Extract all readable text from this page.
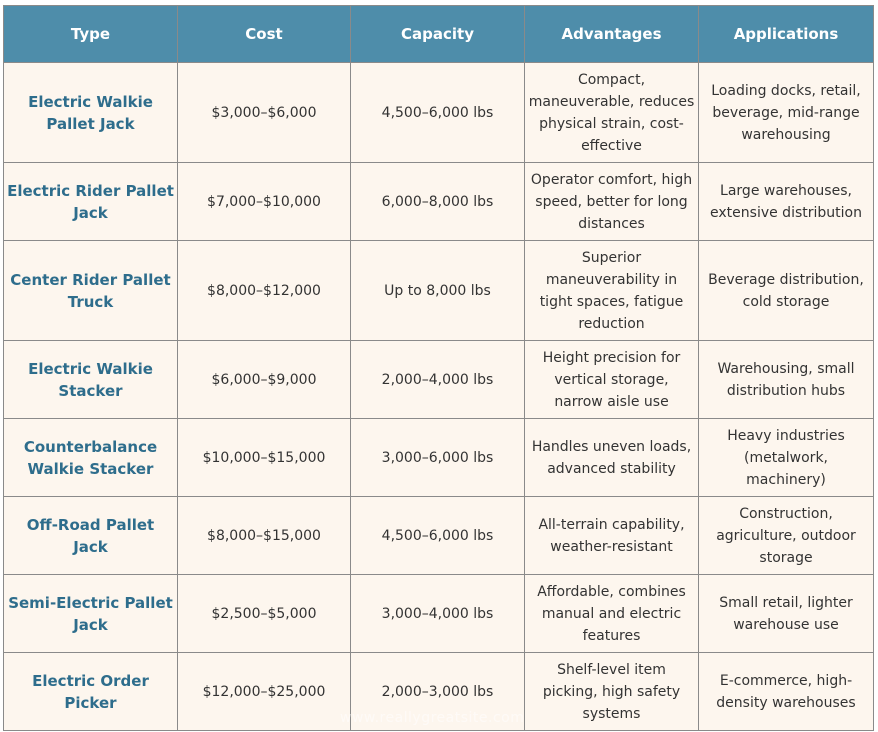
Type	Cost	Capacity	Advantages	Applications
Electric Walkie Pallet Jack	$3,000–$6,000	4,500–6,000 lbs	Compact, maneuverable, reduces physical strain, cost-effective	Loading docks, retail, beverage, mid-range warehousing
Electric Rider Pallet Jack	$7,000–$10,000	6,000–8,000 lbs	Operator comfort, high speed, better for long distances	Large warehouses, extensive distribution
Center Rider Pallet Truck	$8,000–$12,000	Up to 8,000 lbs	Superior maneuverability in tight spaces, fatigue reduction	Beverage distribution, cold storage
Electric Walkie Stacker	$6,000–$9,000	2,000–4,000 lbs	Height precision for vertical storage, narrow aisle use	Warehousing, small distribution hubs
Counterbalance Walkie Stacker	$10,000–$15,000	3,000–6,000 lbs	Handles uneven loads, advanced stability	Heavy industries (metalwork, machinery)
Off-Road Pallet Jack	$8,000–$15,000	4,500–6,000 lbs	All-terrain capability, weather-resistant	Construction, agriculture, outdoor storage
Semi-Electric Pallet Jack	$2,500–$5,000	3,000–4,000 lbs	Affordable, combines manual and electric features	Small retail, lighter warehouse use
Electric Order Picker	$12,000–$25,000	2,000–3,000 lbs	Shelf-level item picking, high safety systems	E-commerce, high-density warehouses
www.reallygreatsite.com
